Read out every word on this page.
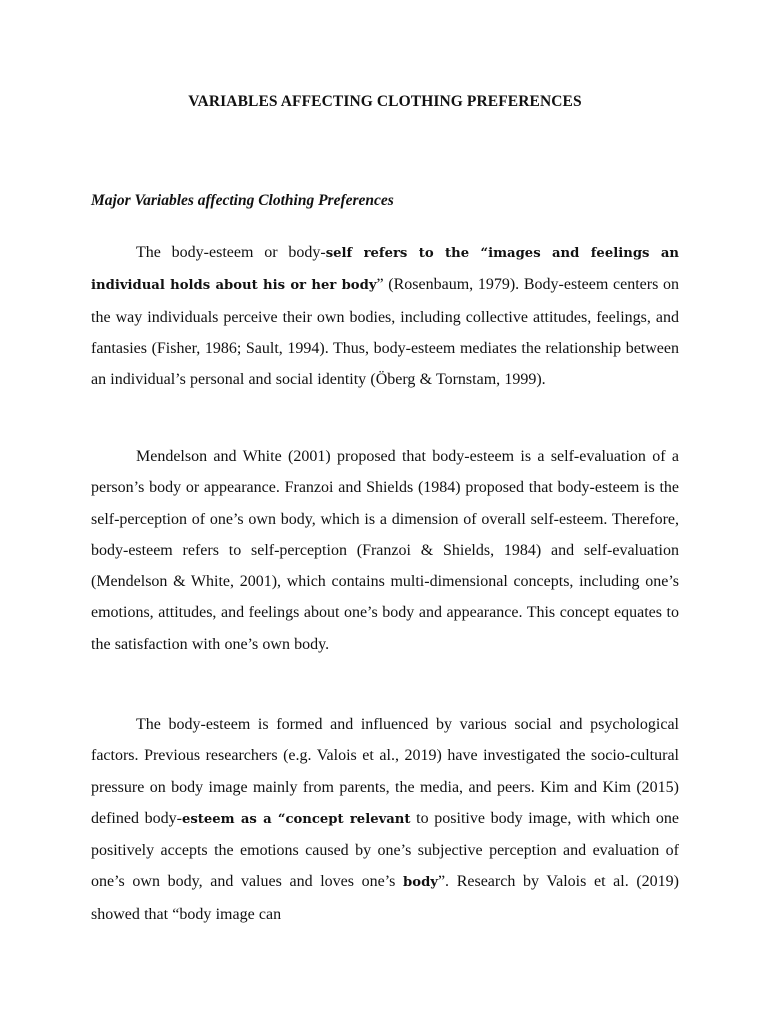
VARIABLES AFFECTING CLOTHING PREFERENCES
Major Variables affecting Clothing Preferences

The body-esteem or body-self refers to the “images and feelings an individual holds about his or her body” (Rosenbaum, 1979). Body-esteem centers on the way individuals perceive their own bodies, including collective attitudes, feelings, and fantasies (Fisher, 1986; Sault, 1994). Thus, body-esteem mediates the relationship between an individual’s personal and social identity (Öberg & Tornstam, 1999).

Mendelson and White (2001) proposed that body-esteem is a self-evaluation of a person’s body or appearance. Franzoi and Shields (1984) proposed that body-esteem is the self-perception of one’s own body, which is a dimension of overall self-esteem. Therefore, body-esteem refers to self-perception (Franzoi & Shields, 1984) and self-evaluation (Mendelson & White, 2001), which contains multi-dimensional concepts, including one’s emotions, attitudes, and feelings about one’s body and appearance. This concept equates to the satisfaction with one’s own body.

The body-esteem is formed and influenced by various social and psychological factors. Previous researchers (e.g. Valois et al., 2019) have investigated the socio-cultural pressure on body image mainly from parents, the media, and peers. Kim and Kim (2015) defined body-esteem as a “concept relevant to positive body image, with which one positively accepts the emotions caused by one’s subjective perception and evaluation of one’s own body, and values and loves one’s body”. Research by Valois et al. (2019) showed that “body image can
